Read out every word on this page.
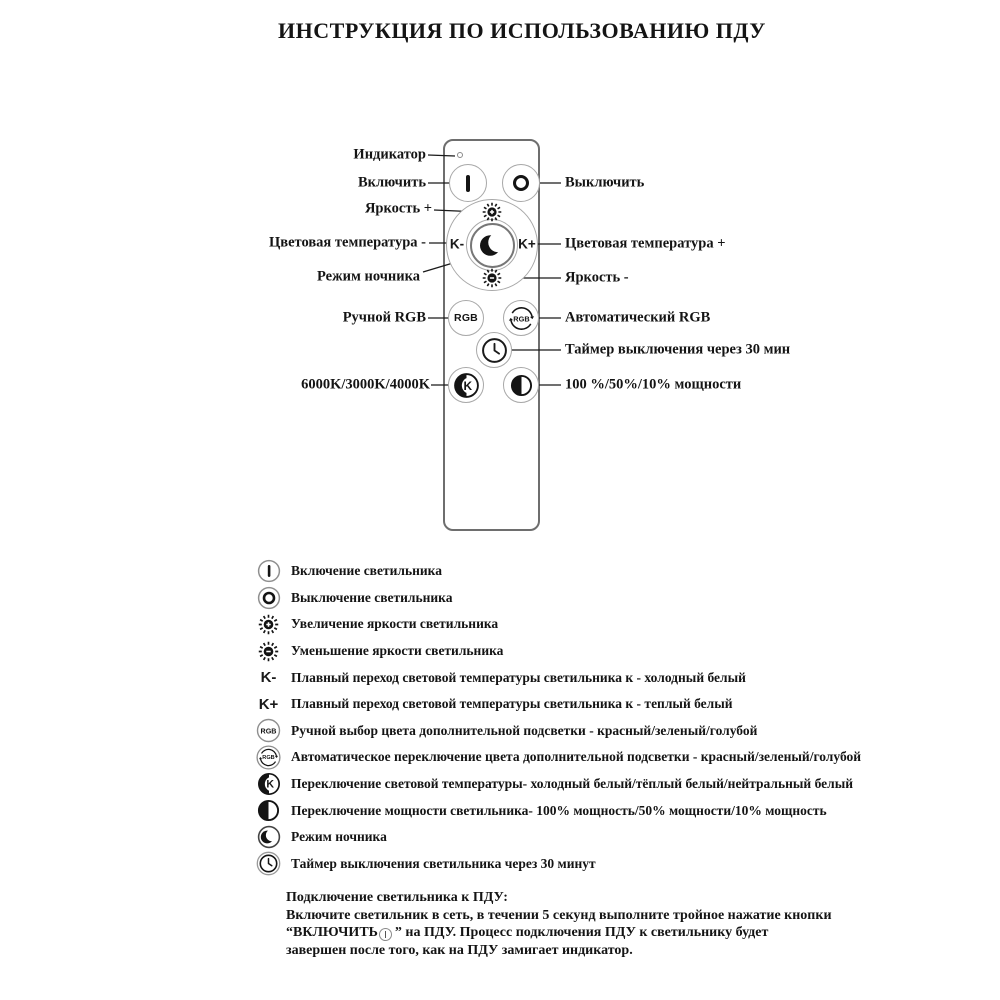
ИНСТРУКЦИЯ ПО ИСПОЛЬЗОВАНИЮ ПДУ
K-	K+
RGB	RGB
Индикатор
Включить
Яркость +
Цветовая температура -
Режим ночника
Ручной RGB
6000K/3000K/4000K
Выключить
Цветовая температура +
Яркость -
Автоматический RGB
Таймер выключения через 30 мин
100 %/50%/10% мощности
Включение светильника
Выключение светильника
Увеличение яркости светильника
Уменьшение яркости светильника
K-	Плавный переход световой температуры светильника к - холодный белый
K+ Плавный переход световой температуры светильника к - теплый белый
RGB Ручной выбор цвета дополнительной подсветки - красный/зеленый/голубой
RGB Автоматическое переключение цвета дополнительной подсветки - красный/зеленый/голубой
Переключение световой температуры- холодный белый/тёплый белый/нейтральный белый
Переключение мощности светильника- 100% мощность/50% мощности/10% мощность
Режим ночника
Таймер выключения светильника через 30 минут
Подключение светильника к ПДУ:
Включите светильник в сеть, в течении 5 секунд выполните тройное нажатие кнопки
“ВКЛЮЧИТЬ ” на ПДУ. Процесс подключения ПДУ к светильнику будет
завершен после того, как на ПДУ замигает индикатор.
